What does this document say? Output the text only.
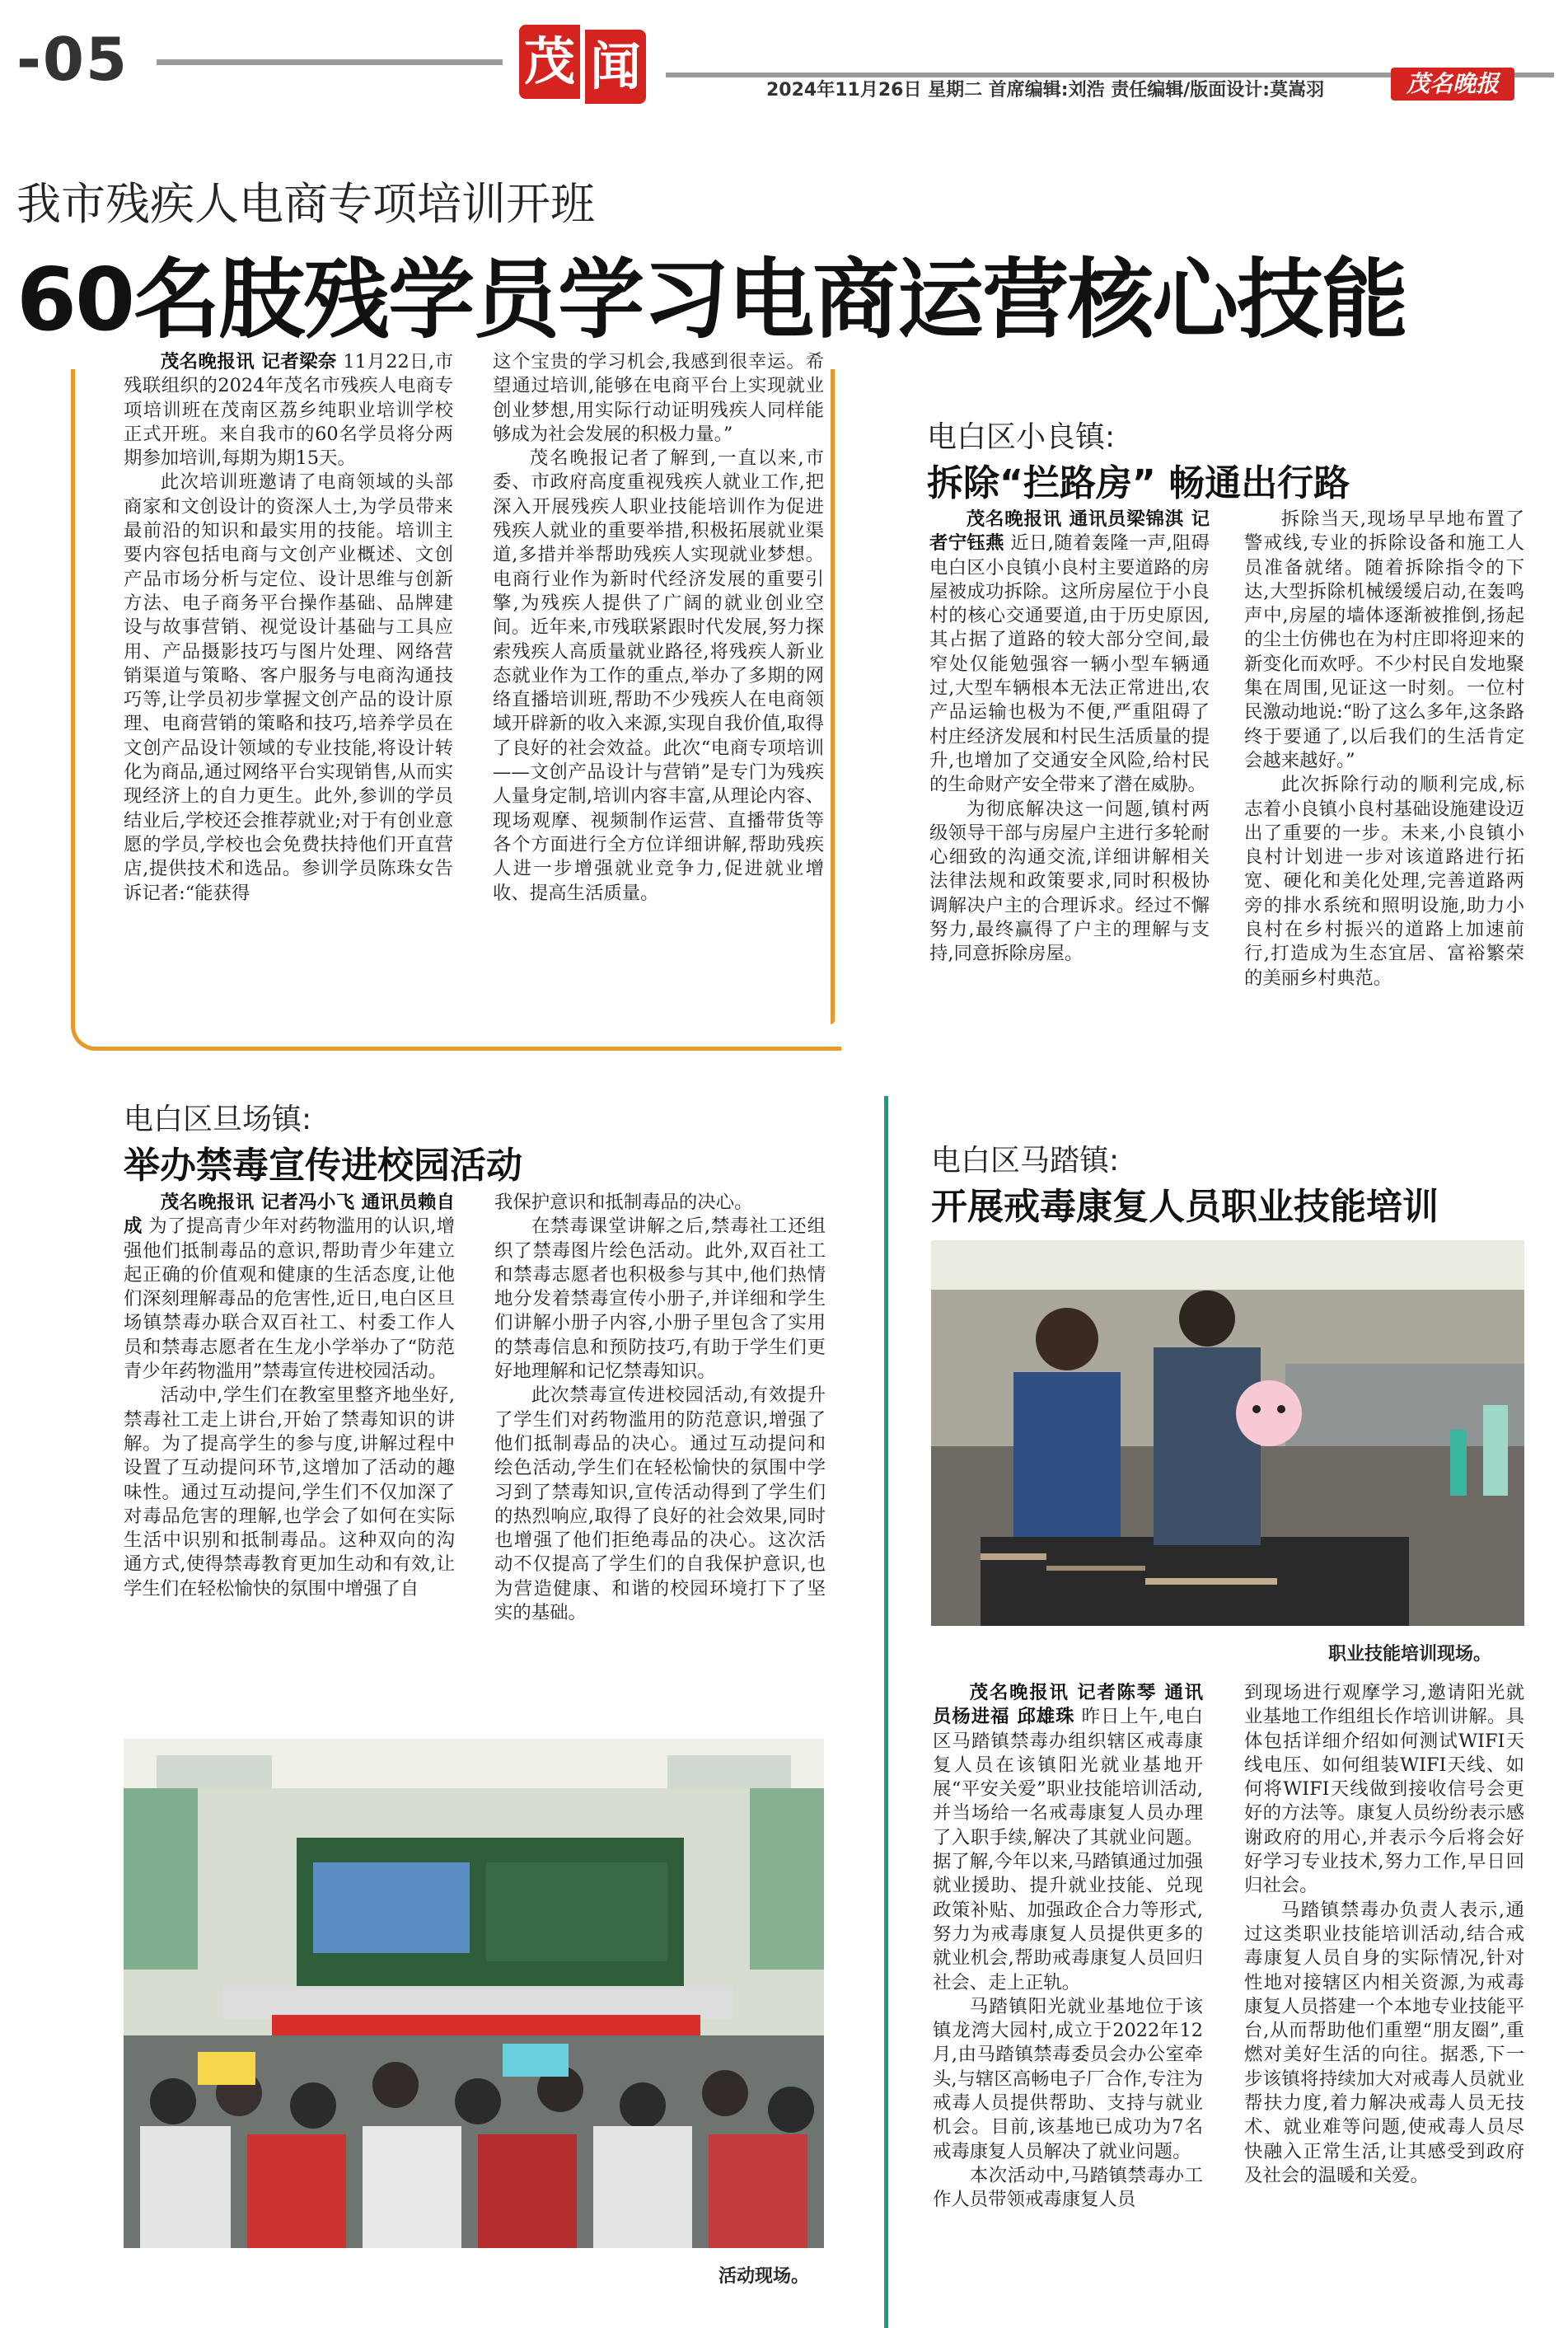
-05	茂 闻	2024年11月26日 星期二 首席编辑:刘浩 责任编辑/版面设计:莫嵩羽	茂名晚报
我市残疾人电商专项培训开班
60名肢残学员学习电商运营核心技能

茂名晚报讯 记者梁奈 11月22日,市残联组织的2024年茂名市残疾人电商专项培训班在茂南区荔乡纯职业培训学校正式开班。来自我市的60名学员将分两期参加培训,每期为期15天。

此次培训班邀请了电商领域的头部商家和文创设计的资深人士,为学员带来最前沿的知识和最实用的技能。培训主要内容包括电商与文创产业概述、文创产品市场分析与定位、设计思维与创新方法、电子商务平台操作基础、品牌建设与故事营销、视觉设计基础与工具应用、产品摄影技巧与图片处理、网络营销渠道与策略、客户服务与电商沟通技巧等,让学员初步掌握文创产品的设计原理、电商营销的策略和技巧,培养学员在文创产品设计领域的专业技能,将设计转化为商品,通过网络平台实现销售,从而实现经济上的自力更生。此外,参训的学员结业后,学校还会推荐就业;对于有创业意愿的学员,学校也会免费扶持他们开直营店,提供技术和选品。参训学员陈珠女告诉记者:“能获得

这个宝贵的学习机会,我感到很幸运。希望通过培训,能够在电商平台上实现就业创业梦想,用实际行动证明残疾人同样能够成为社会发展的积极力量。”

茂名晚报记者了解到,一直以来,市委、市政府高度重视残疾人就业工作,把深入开展残疾人职业技能培训作为促进残疾人就业的重要举措,积极拓展就业渠道,多措并举帮助残疾人实现就业梦想。电商行业作为新时代经济发展的重要引擎,为残疾人提供了广阔的就业创业空间。近年来,市残联紧跟时代发展,努力探索残疾人高质量就业路径,将残疾人新业态就业作为工作的重点,举办了多期的网络直播培训班,帮助不少残疾人在电商领域开辟新的收入来源,实现自我价值,取得了良好的社会效益。此次“电商专项培训——文创产品设计与营销”是专门为残疾人量身定制,培训内容丰富,从理论内容、现场观摩、视频制作运营、直播带货等各个方面进行全方位详细讲解,帮助残疾人进一步增强就业竞争力,促进就业增收、提高生活质量。

电白区小良镇:
拆除“拦路房” 畅通出行路

茂名晚报讯 通讯员梁锦淇 记者宁钰燕 近日,随着轰隆一声,阻碍电白区小良镇小良村主要道路的房屋被成功拆除。这所房屋位于小良村的核心交通要道,由于历史原因,其占据了道路的较大部分空间,最窄处仅能勉强容一辆小型车辆通过,大型车辆根本无法正常进出,农产品运输也极为不便,严重阻碍了村庄经济发展和村民生活质量的提升,也增加了交通安全风险,给村民的生命财产安全带来了潜在威胁。

为彻底解决这一问题,镇村两级领导干部与房屋户主进行多轮耐心细致的沟通交流,详细讲解相关法律法规和政策要求,同时积极协调解决户主的合理诉求。经过不懈努力,最终赢得了户主的理解与支持,同意拆除房屋。

拆除当天,现场早早地布置了警戒线,专业的拆除设备和施工人员准备就绪。随着拆除指令的下达,大型拆除机械缓缓启动,在轰鸣声中,房屋的墙体逐渐被推倒,扬起的尘土仿佛也在为村庄即将迎来的新变化而欢呼。不少村民自发地聚集在周围,见证这一时刻。一位村民激动地说:“盼了这么多年,这条路终于要通了,以后我们的生活肯定会越来越好。”

此次拆除行动的顺利完成,标志着小良镇小良村基础设施建设迈出了重要的一步。未来,小良镇小良村计划进一步对该道路进行拓宽、硬化和美化处理,完善道路两旁的排水系统和照明设施,助力小良村在乡村振兴的道路上加速前行,打造成为生态宜居、富裕繁荣的美丽乡村典范。

电白区旦场镇:
举办禁毒宣传进校园活动

茂名晚报讯 记者冯小飞 通讯员赖自成 为了提高青少年对药物滥用的认识,增强他们抵制毒品的意识,帮助青少年建立起正确的价值观和健康的生活态度,让他们深刻理解毒品的危害性,近日,电白区旦场镇禁毒办联合双百社工、村委工作人员和禁毒志愿者在生龙小学举办了“防范青少年药物滥用”禁毒宣传进校园活动。

活动中,学生们在教室里整齐地坐好,禁毒社工走上讲台,开始了禁毒知识的讲解。为了提高学生的参与度,讲解过程中设置了互动提问环节,这增加了活动的趣味性。通过互动提问,学生们不仅加深了对毒品危害的理解,也学会了如何在实际生活中识别和抵制毒品。这种双向的沟通方式,使得禁毒教育更加生动和有效,让学生们在轻松愉快的氛围中增强了自

我保护意识和抵制毒品的决心。

在禁毒课堂讲解之后,禁毒社工还组织了禁毒图片绘色活动。此外,双百社工和禁毒志愿者也积极参与其中,他们热情地分发着禁毒宣传小册子,并详细和学生们讲解小册子内容,小册子里包含了实用的禁毒信息和预防技巧,有助于学生们更好地理解和记忆禁毒知识。

此次禁毒宣传进校园活动,有效提升了学生们对药物滥用的防范意识,增强了他们抵制毒品的决心。通过互动提问和绘色活动,学生们在轻松愉快的氛围中学习到了禁毒知识,宣传活动得到了学生们的热烈响应,取得了良好的社会效果,同时也增强了他们拒绝毒品的决心。这次活动不仅提高了学生们的自我保护意识,也为营造健康、和谐的校园环境打下了坚实的基础。

活动现场。
电白区马踏镇:
开展戒毒康复人员职业技能培训
职业技能培训现场。

茂名晚报讯 记者陈琴 通讯员杨进福 邱雄珠 昨日上午,电白区马踏镇禁毒办组织辖区戒毒康复人员在该镇阳光就业基地开展“平安关爱”职业技能培训活动,并当场给一名戒毒康复人员办理了入职手续,解决了其就业问题。据了解,今年以来,马踏镇通过加强就业援助、提升就业技能、兑现政策补贴、加强政企合力等形式,努力为戒毒康复人员提供更多的就业机会,帮助戒毒康复人员回归社会、走上正轨。

马踏镇阳光就业基地位于该镇龙湾大园村,成立于2022年12月,由马踏镇禁毒委员会办公室牵头,与辖区高畅电子厂合作,专注为戒毒人员提供帮助、支持与就业机会。目前,该基地已成功为7名戒毒康复人员解决了就业问题。

本次活动中,马踏镇禁毒办工作人员带领戒毒康复人员

到现场进行观摩学习,邀请阳光就业基地工作组组长作培训讲解。具体包括详细介绍如何测试WIFI天线电压、如何组装WIFI天线、如何将WIFI天线做到接收信号会更好的方法等。康复人员纷纷表示感谢政府的用心,并表示今后将会好好学习专业技术,努力工作,早日回归社会。

马踏镇禁毒办负责人表示,通过这类职业技能培训活动,结合戒毒康复人员自身的实际情况,针对性地对接辖区内相关资源,为戒毒康复人员搭建一个本地专业技能平台,从而帮助他们重塑“朋友圈”,重燃对美好生活的向往。据悉,下一步该镇将持续加大对戒毒人员就业帮扶力度,着力解决戒毒人员无技术、就业难等问题,使戒毒人员尽快融入正常生活,让其感受到政府及社会的温暖和关爱。
